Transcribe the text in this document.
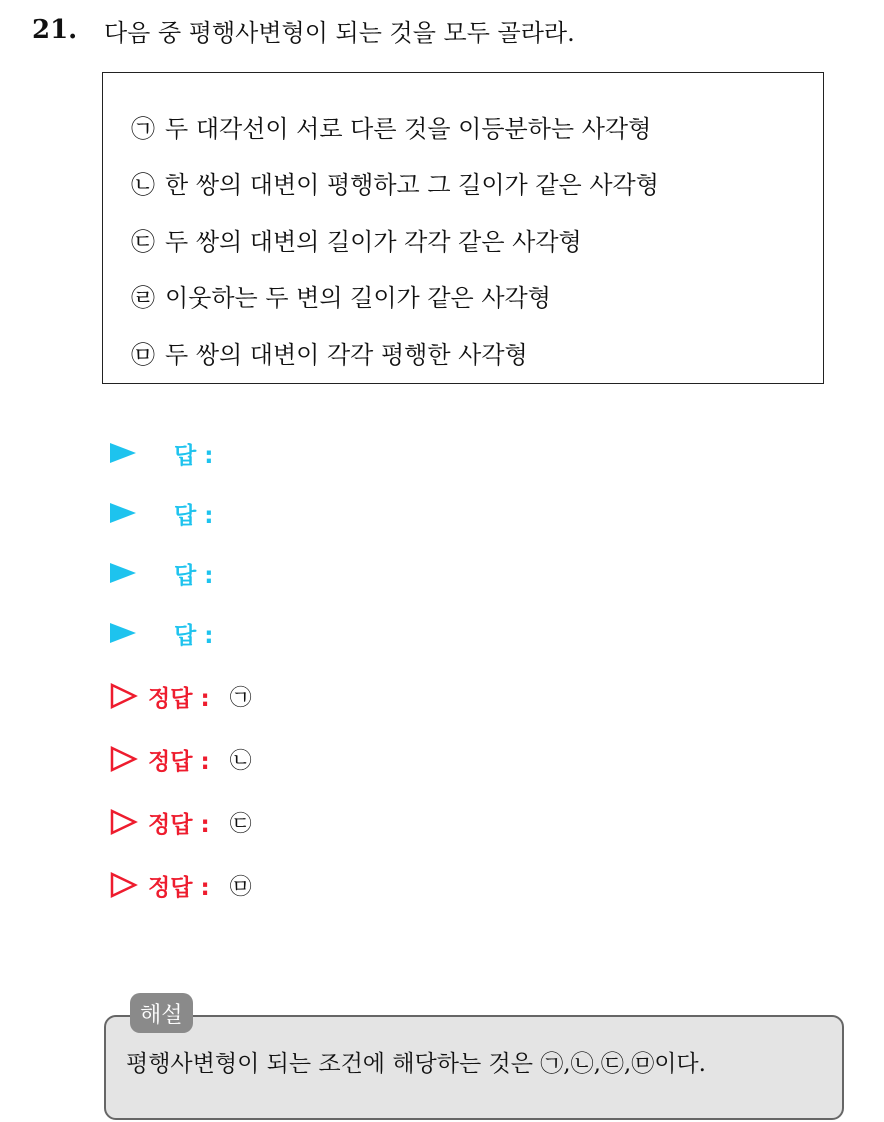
21.	다음 중 평행사변형이 되는 것을 모두 골라라.
㉠ 두 대각선이 서로 다른 것을 이등분하는 사각형
㉡ 한 쌍의 대변이 평행하고 그 길이가 같은 사각형
㉢ 두 쌍의 대변의 길이가 각각 같은 사각형
㉣ 이웃하는 두 변의 길이가 같은 사각형
㉤ 두 쌍의 대변이 각각 평행한 사각형
답 :
답 :
답 :
답 :
정답 : ㉠
정답 : ㉡
정답 : ㉢
정답 : ㉤
평행사변형이 되는 조건에 해당하는 것은 ㉠,㉡,㉢,㉤이다.
해설
